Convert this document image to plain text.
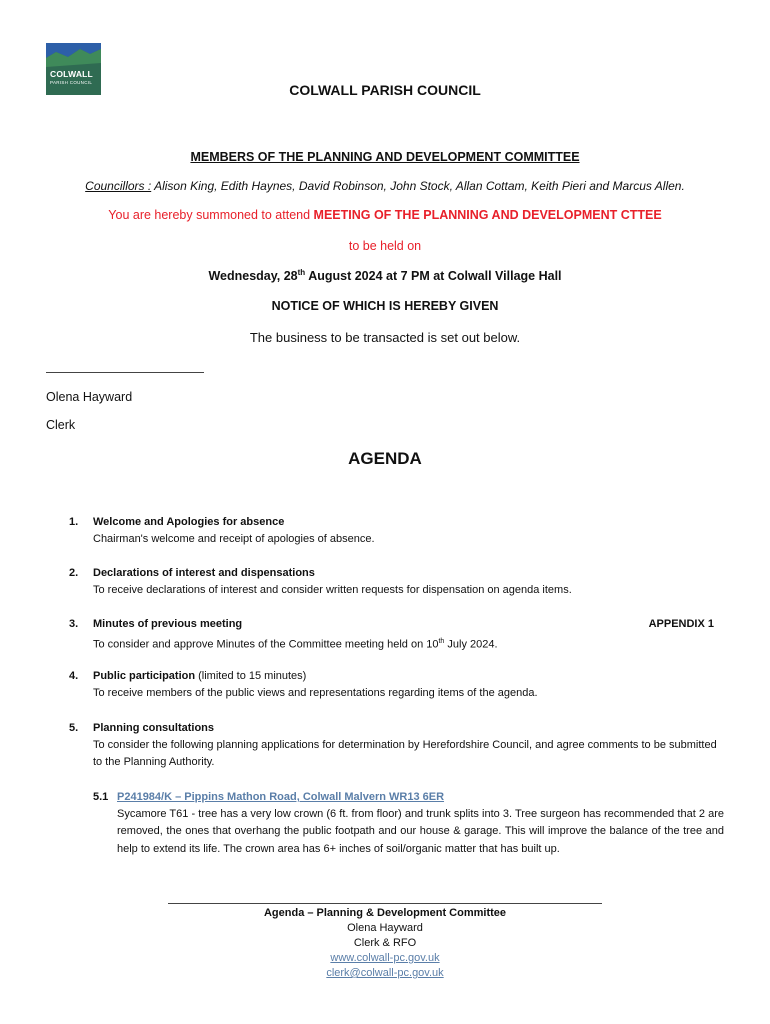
COLWALL
PARISH COUNCIL	COLWALL PARISH COUNCIL
MEMBERS OF THE PLANNING AND DEVELOPMENT COMMITTEE
Councillors : Alison King, Edith Haynes, David Robinson, John Stock, Allan Cottam, Keith Pieri and Marcus Allen.
You are hereby summoned to attend MEETING OF THE PLANNING AND DEVELOPMENT CTTEE
to be held on
Wednesday, 28th August 2024 at 7 PM at Colwall Village Hall
NOTICE OF WHICH IS HEREBY GIVEN
The business to be transacted is set out below.
Olena Hayward
Clerk
AGENDA
1. Welcome and Apologies for absence
Chairman's welcome and receipt of apologies of absence.
2. Declarations of interest and dispensations
To receive declarations of interest and consider written requests for dispensation on agenda items.
3. Minutes of previous meeting
To consider and approve Minutes of the Committee meeting held on 10th July 2024.
APPENDIX 1
4. Public participation (limited to 15 minutes)
To receive members of the public views and representations regarding items of the agenda.
5. Planning consultations
To consider the following planning applications for determination by Herefordshire Council, and agree comments to be submitted to the Planning Authority.
5.1 P241984/K – Pippins Mathon Road, Colwall Malvern WR13 6ER
Sycamore T61 - tree has a very low crown (6 ft. from floor) and trunk splits into 3. Tree surgeon has recommended that 2 are removed, the ones that overhang the public footpath and our house & garage. This will improve the balance of the tree and help to extend its life. The crown area has 6+ inches of soil/organic matter that has built up.
Agenda – Planning & Development Committee
Olena Hayward
Clerk & RFO
www.colwall-pc.gov.uk
clerk@colwall-pc.gov.uk
